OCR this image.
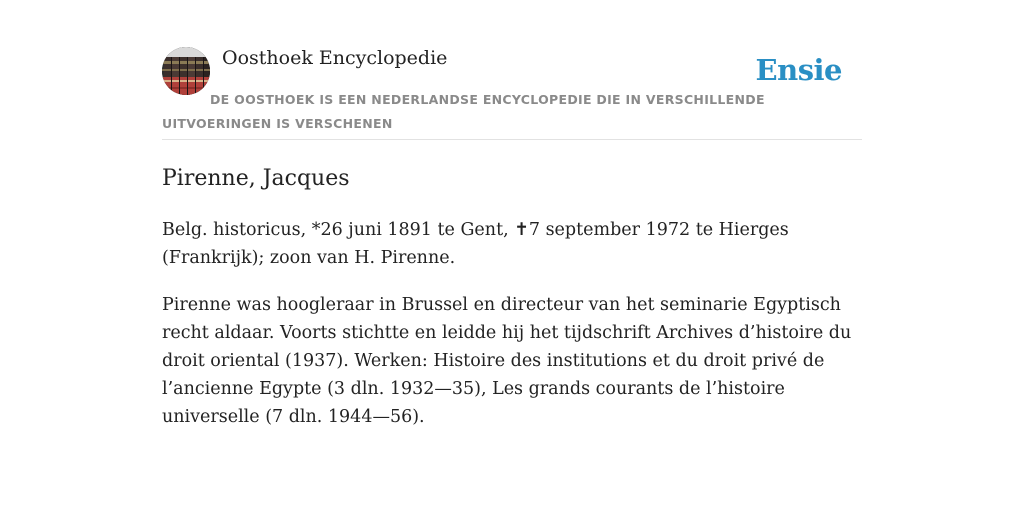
Oosthoek Encyclopedie	Ensie
DE OOSTHOEK IS EEN NEDERLANDSE ENCYCLOPEDIE DIE IN VERSCHILLENDE UITVOERINGEN IS VERSCHENEN
Pirenne, Jacques

Belg. historicus, *26 juni 1891 te Gent, ✝7 september 1972 te Hierges (Frankrijk); zoon van H. Pirenne.

Pirenne was hoogleraar in Brussel en directeur van het seminarie Egyptisch recht aldaar. Voorts stichtte en leidde hij het tijdschrift Archives d’histoire du droit oriental (1937). Werken: Histoire des institutions et du droit privé de l’ancienne Egypte (3 dln. 1932—35), Les grands courants de l’histoire universelle (7 dln. 1944—56).
